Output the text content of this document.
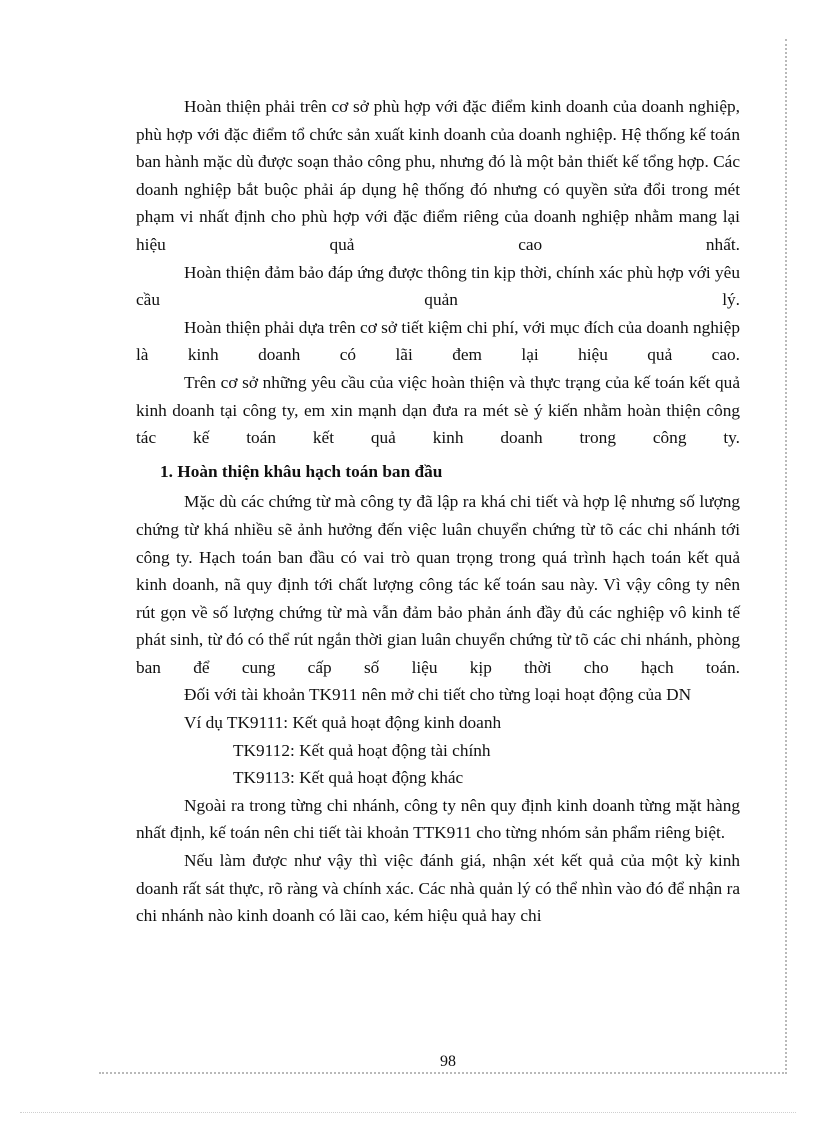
Hoàn thiện phải trên cơ sở phù hợp với đặc điểm kinh doanh của doanh nghiệp, phù hợp với đặc điểm tổ chức sản xuất kinh doanh của doanh nghiệp. Hệ thống kế toán ban hành mặc dù được soạn thảo công phu, nhưng đó là một bản thiết kế tổng hợp. Các doanh nghiệp bắt buộc phải áp dụng hệ thống đó nhưng có quyền sửa đổi trong mét phạm vi nhất định cho phù hợp với đặc điểm riêng của doanh nghiệp nhằm mang lại hiệu quả cao nhất.

Hoàn thiện đảm bảo đáp ứng được thông tin kịp thời, chính xác phù hợp với yêu cầu quản lý.

Hoàn thiện phải dựa trên cơ sở tiết kiệm chi phí, với mục đích của doanh nghiệp là kinh doanh có lãi đem lại hiệu quả cao.

Trên cơ sở những yêu cầu của việc hoàn thiện và thực trạng của kế toán kết quả kinh doanh tại công ty, em xin mạnh dạn đưa ra mét sè ý kiến nhằm hoàn thiện công tác kế toán kết quả kinh doanh trong công ty.

1. Hoàn thiện khâu hạch toán ban đầu

Mặc dù các chứng từ mà công ty đã lập ra khá chi tiết và hợp lệ nhưng số lượng chứng từ khá nhiều sẽ ảnh hưởng đến việc luân chuyển chứng từ tõ các chi nhánh tới công ty. Hạch toán ban đầu có vai trò quan trọng trong quá trình hạch toán kết quả kinh doanh, nã quy định tới chất lượng công tác kế toán sau này. Vì vậy công ty nên rút gọn về số lượng chứng từ mà vẫn đảm bảo phản ánh đầy đủ các nghiệp vô kinh tế phát sinh, từ đó có thể rút ngắn thời gian luân chuyển chứng từ tõ các chi nhánh, phòng ban để cung cấp số liệu kịp thời cho hạch toán.

Đối với tài khoản TK911 nên mở chi tiết cho từng loại hoạt động của DN

Ví dụ TK9111: Kết quả hoạt động kinh doanh

TK9112: Kết quả hoạt động tài chính

TK9113: Kết quả hoạt động khác

Ngoài ra trong từng chi nhánh, công ty nên quy định kinh doanh từng mặt hàng nhất định, kế toán nên chi tiết tài khoản TTK911 cho từng nhóm sản phẩm riêng biệt.

Nếu làm được như vậy thì việc đánh giá, nhận xét kết quả của một kỳ kinh doanh rất sát thực, rõ ràng và chính xác. Các nhà quản lý có thể nhìn vào đó để nhận ra chi nhánh nào kinh doanh có lãi cao, kém hiệu quả hay chi

98
